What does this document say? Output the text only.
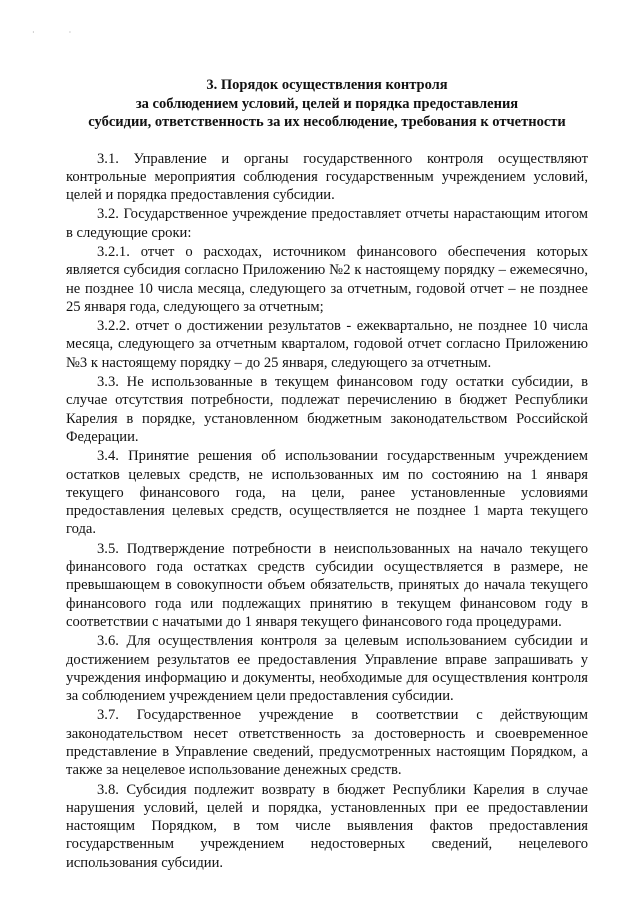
· ·
3. Порядок осуществления контроля
за соблюдением условий, целей и порядка предоставления
субсидии, ответственность за их несоблюдение, требования к отчетности

3.1. Управление и органы государственного контроля осуществляют контрольные мероприятия соблюдения государственным учреждением условий, целей и порядка предоставления субсидии.

3.2. Государственное учреждение предоставляет отчеты нарастающим итогом в следующие сроки:

3.2.1. отчет о расходах, источником финансового обеспечения которых является субсидия согласно Приложению №2 к настоящему порядку – ежемесячно, не позднее 10 числа месяца, следующего за отчетным, годовой отчет – не позднее 25 января года, следующего за отчетным;

3.2.2. отчет о достижении результатов - ежеквартально, не позднее 10 числа месяца, следующего за отчетным кварталом, годовой отчет согласно Приложению №3 к настоящему порядку – до 25 января, следующего за отчетным.

3.3. Не использованные в текущем финансовом году остатки субсидии, в случае отсутствия потребности, подлежат перечислению в бюджет Республики Карелия в порядке, установленном бюджетным законодательством Российской Федерации.

3.4. Принятие решения об использовании государственным учреждением остатков целевых средств, не использованных им по состоянию на 1 января текущего финансового года, на цели, ранее установленные условиями предоставления целевых средств, осуществляется не позднее 1 марта текущего года.

3.5. Подтверждение потребности в неиспользованных на начало текущего финансового года остатках средств субсидии осуществляется в размере, не превышающем в совокупности объем обязательств, принятых до начала текущего финансового года или подлежащих принятию в текущем финансовом году в соответствии с начатыми до 1 января текущего финансового года процедурами.

3.6. Для осуществления контроля за целевым использованием субсидии и достижением результатов ее предоставления Управление вправе запрашивать у учреждения информацию и документы, необходимые для осуществления контроля за соблюдением учреждением цели предоставления субсидии.

3.7. Государственное учреждение в соответствии с действующим законодательством несет ответственность за достоверность и своевременное представление в Управление сведений, предусмотренных настоящим Порядком, а также за нецелевое использование денежных средств.

3.8. Субсидия подлежит возврату в бюджет Республики Карелия в случае нарушения условий, целей и порядка, установленных при ее предоставлении настоящим Порядком, в том числе выявления фактов предоставления государственным учреждением недостоверных сведений, нецелевого использования субсидии.
